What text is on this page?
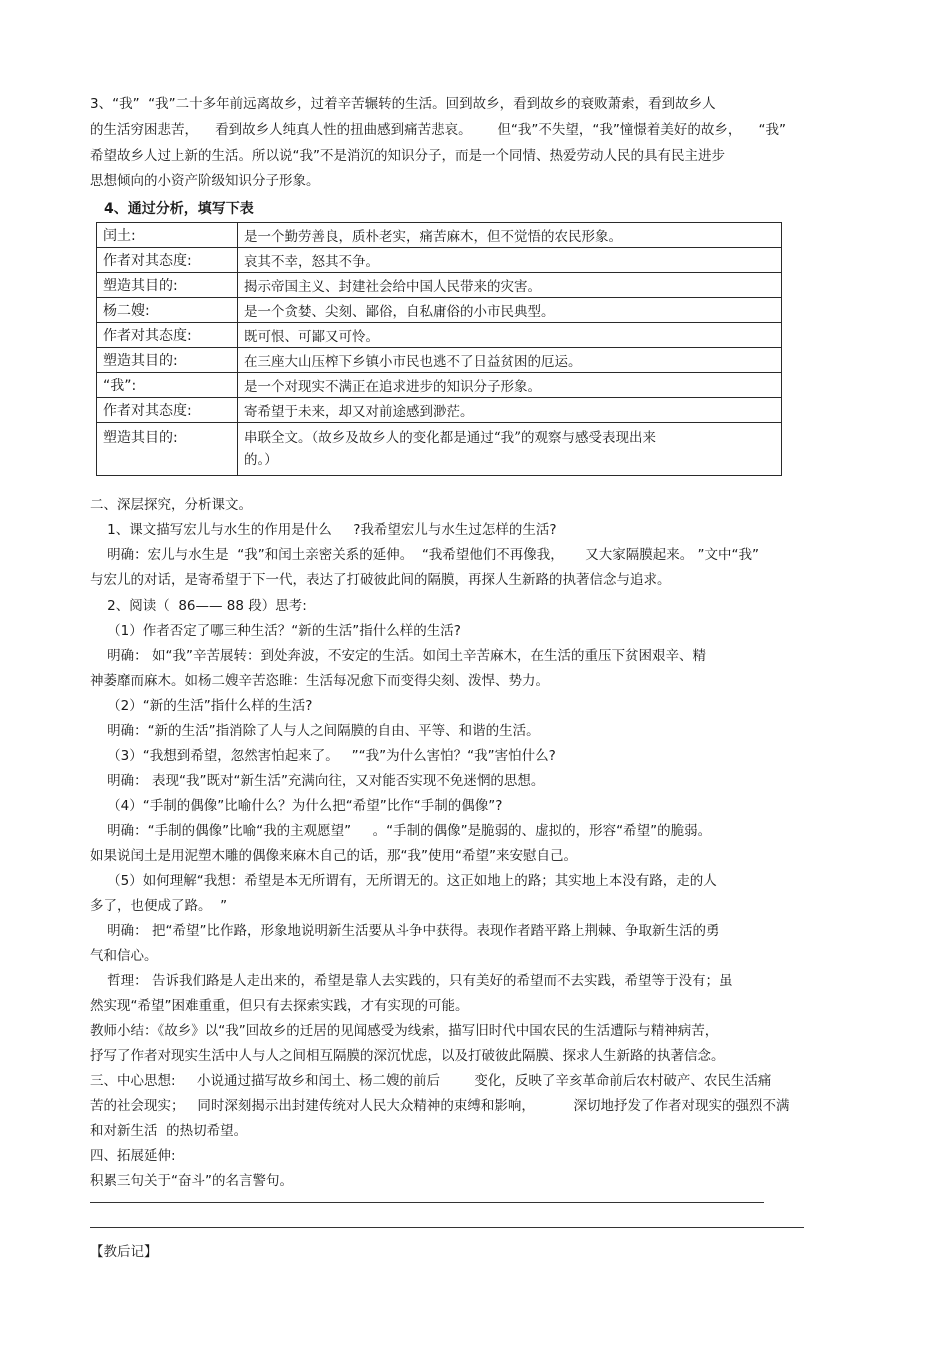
3、“我”  “我”二十多年前远离故乡，过着辛苦辗转的生活。回到故乡，看到故乡的衰败萧索，看到故乡人
的生活穷困悲苦，    看到故乡人纯真人性的扭曲感到痛苦悲哀。      但“我”不失望，“我”憧憬着美好的故乡，    “我”
希望故乡人过上新的生活。所以说“我”不是消沉的知识分子，而是一个同情、热爱劳动人民的具有民主进步
思想倾向的小资产阶级知识分子形象。
4、通过分析，填写下表
闰土:	是一个勤劳善良，质朴老实，痛苦麻木，但不觉悟的农民形象。
作者对其态度:	哀其不幸，怒其不争。
塑造其目的:	揭示帝国主义、封建社会给中国人民带来的灾害。
杨二嫂:	是一个贪婪、尖刻、鄙俗，自私庸俗的小市民典型。
作者对其态度:	既可恨、可鄙又可怜。
塑造其目的:	在三座大山压榨下乡镇小市民也逃不了日益贫困的厄运。
“我”:	是一个对现实不满正在追求进步的知识分子形象。
作者对其态度:	寄希望于未来，却又对前途感到渺茫。
塑造其目的:	串联全文。（故乡及故乡人的变化都是通过“我”的观察与感受表现出来
的。）
二、深层探究，分析课文。
1、课文描写宏儿与水生的作用是什么     ?我希望宏儿与水生过怎样的生活?
明确：宏儿与水生是  “我”和闰土亲密关系的延伸。  “我希望他们不再像我，     又大家隔膜起来。 ”文中“我”
与宏儿的对话，是寄希望于下一代，表达了打破彼此间的隔膜，再探人生新路的执著信念与追求。
2、阅读（  86—— 88 段）思考:
（1）作者否定了哪三种生活？“新的生活”指什么样的生活?
明确： 如“我”辛苦展转：到处奔波，不安定的生活。如闰土辛苦麻木，在生活的重压下贫困艰辛、精
神萎靡而麻木。如杨二嫂辛苦恣睢：生活每况愈下而变得尖刻、泼悍、势力。
（2）“新的生活”指什么样的生活?
明确：“新的生活”指消除了人与人之间隔膜的自由、平等、和谐的生活。
（3）“我想到希望，忽然害怕起来了。   ”“我”为什么害怕？“我”害怕什么?
明确： 表现“我”既对“新生活”充满向往，又对能否实现不免迷惘的思想。
（4）“手制的偶像”比喻什么？为什么把“希望”比作“手制的偶像”?
明确：“手制的偶像”比喻“我的主观愿望”     。“手制的偶像”是脆弱的、虚拟的，形容“希望”的脆弱。
如果说闰土是用泥塑木雕的偶像来麻木自己的话，那“我”使用“希望”来安慰自己。
（5）如何理解“我想：希望是本无所谓有，无所谓无的。这正如地上的路；其实地上本没有路，走的人
多了，也便成了路。  ”
明确： 把“希望”比作路，形象地说明新生活要从斗争中获得。表现作者踏平路上荆棘、争取新生活的勇
气和信心。
哲理： 告诉我们路是人走出来的，希望是靠人去实践的，只有美好的希望而不去实践，希望等于没有；虽
然实现“希望”困难重重，但只有去探索实践，才有实现的可能。
教师小结：《故乡》以“我”回故乡的迁居的见闻感受为线索，描写旧时代中国农民的生活遭际与精神病苦，
抒写了作者对现实生活中人与人之间相互隔膜的深沉忧虑，以及打破彼此隔膜、探求人生新路的执著信念。
三、中心思想:     小说通过描写故乡和闰土、杨二嫂的前后        变化，反映了辛亥革命前后农村破产、农民生活痛
苦的社会现实；   同时深刻揭示出封建传统对人民大众精神的束缚和影响，         深切地抒发了作者对现实的强烈不满
和对新生活  的热切希望。
四、拓展延伸:
积累三句关于“奋斗”的名言警句。
【教后记】
